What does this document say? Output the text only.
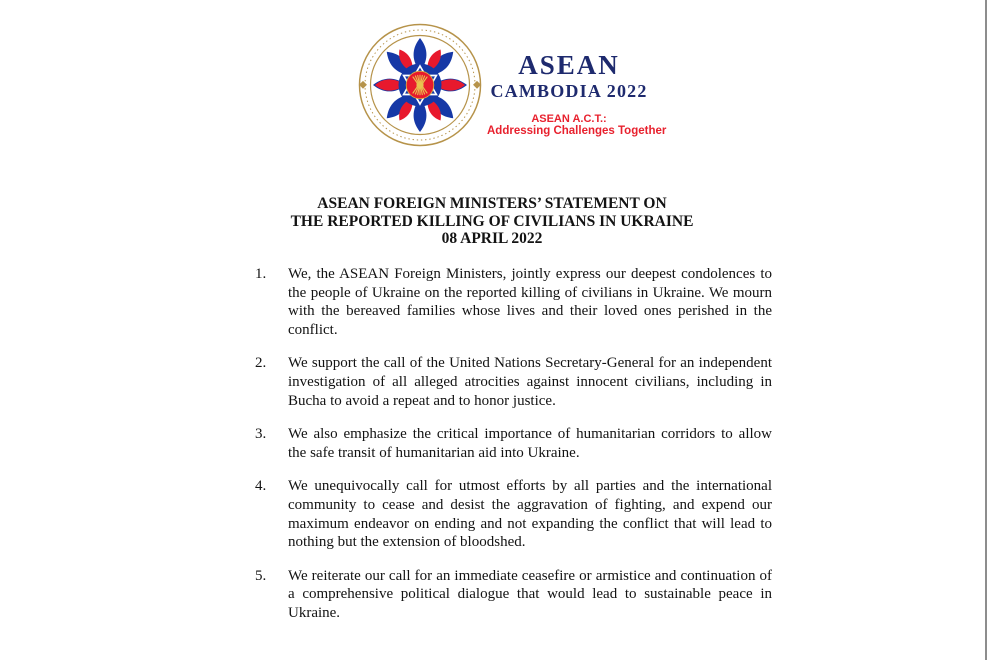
ASEAN
CAMBODIA 2022
ASEAN A.C.T.:
Addressing Challenges Together
ASEAN FOREIGN MINISTERS’ STATEMENT ON
THE REPORTED KILLING OF CIVILIANS IN UKRAINE
08 APRIL 2022
1.	We, the ASEAN Foreign Ministers, jointly express our deepest condolences to the people of Ukraine on the reported killing of civilians in Ukraine. We mourn with the bereaved families whose lives and their loved ones perished in the conflict.

2.	We support the call of the United Nations Secretary-General for an independent investigation of all alleged atrocities against innocent civilians, including in Bucha to avoid a repeat and to honor justice.

3.	We also emphasize the critical importance of humanitarian corridors to allow the safe transit of humanitarian aid into Ukraine.

4.	We unequivocally call for utmost efforts by all parties and the international community to cease and desist the aggravation of fighting, and expend our maximum endeavor on ending and not expanding the conflict that will lead to nothing but the extension of bloodshed.

5.	We reiterate our call for an immediate ceasefire or armistice and continuation of a comprehensive political dialogue that would lead to sustainable peace in Ukraine.
